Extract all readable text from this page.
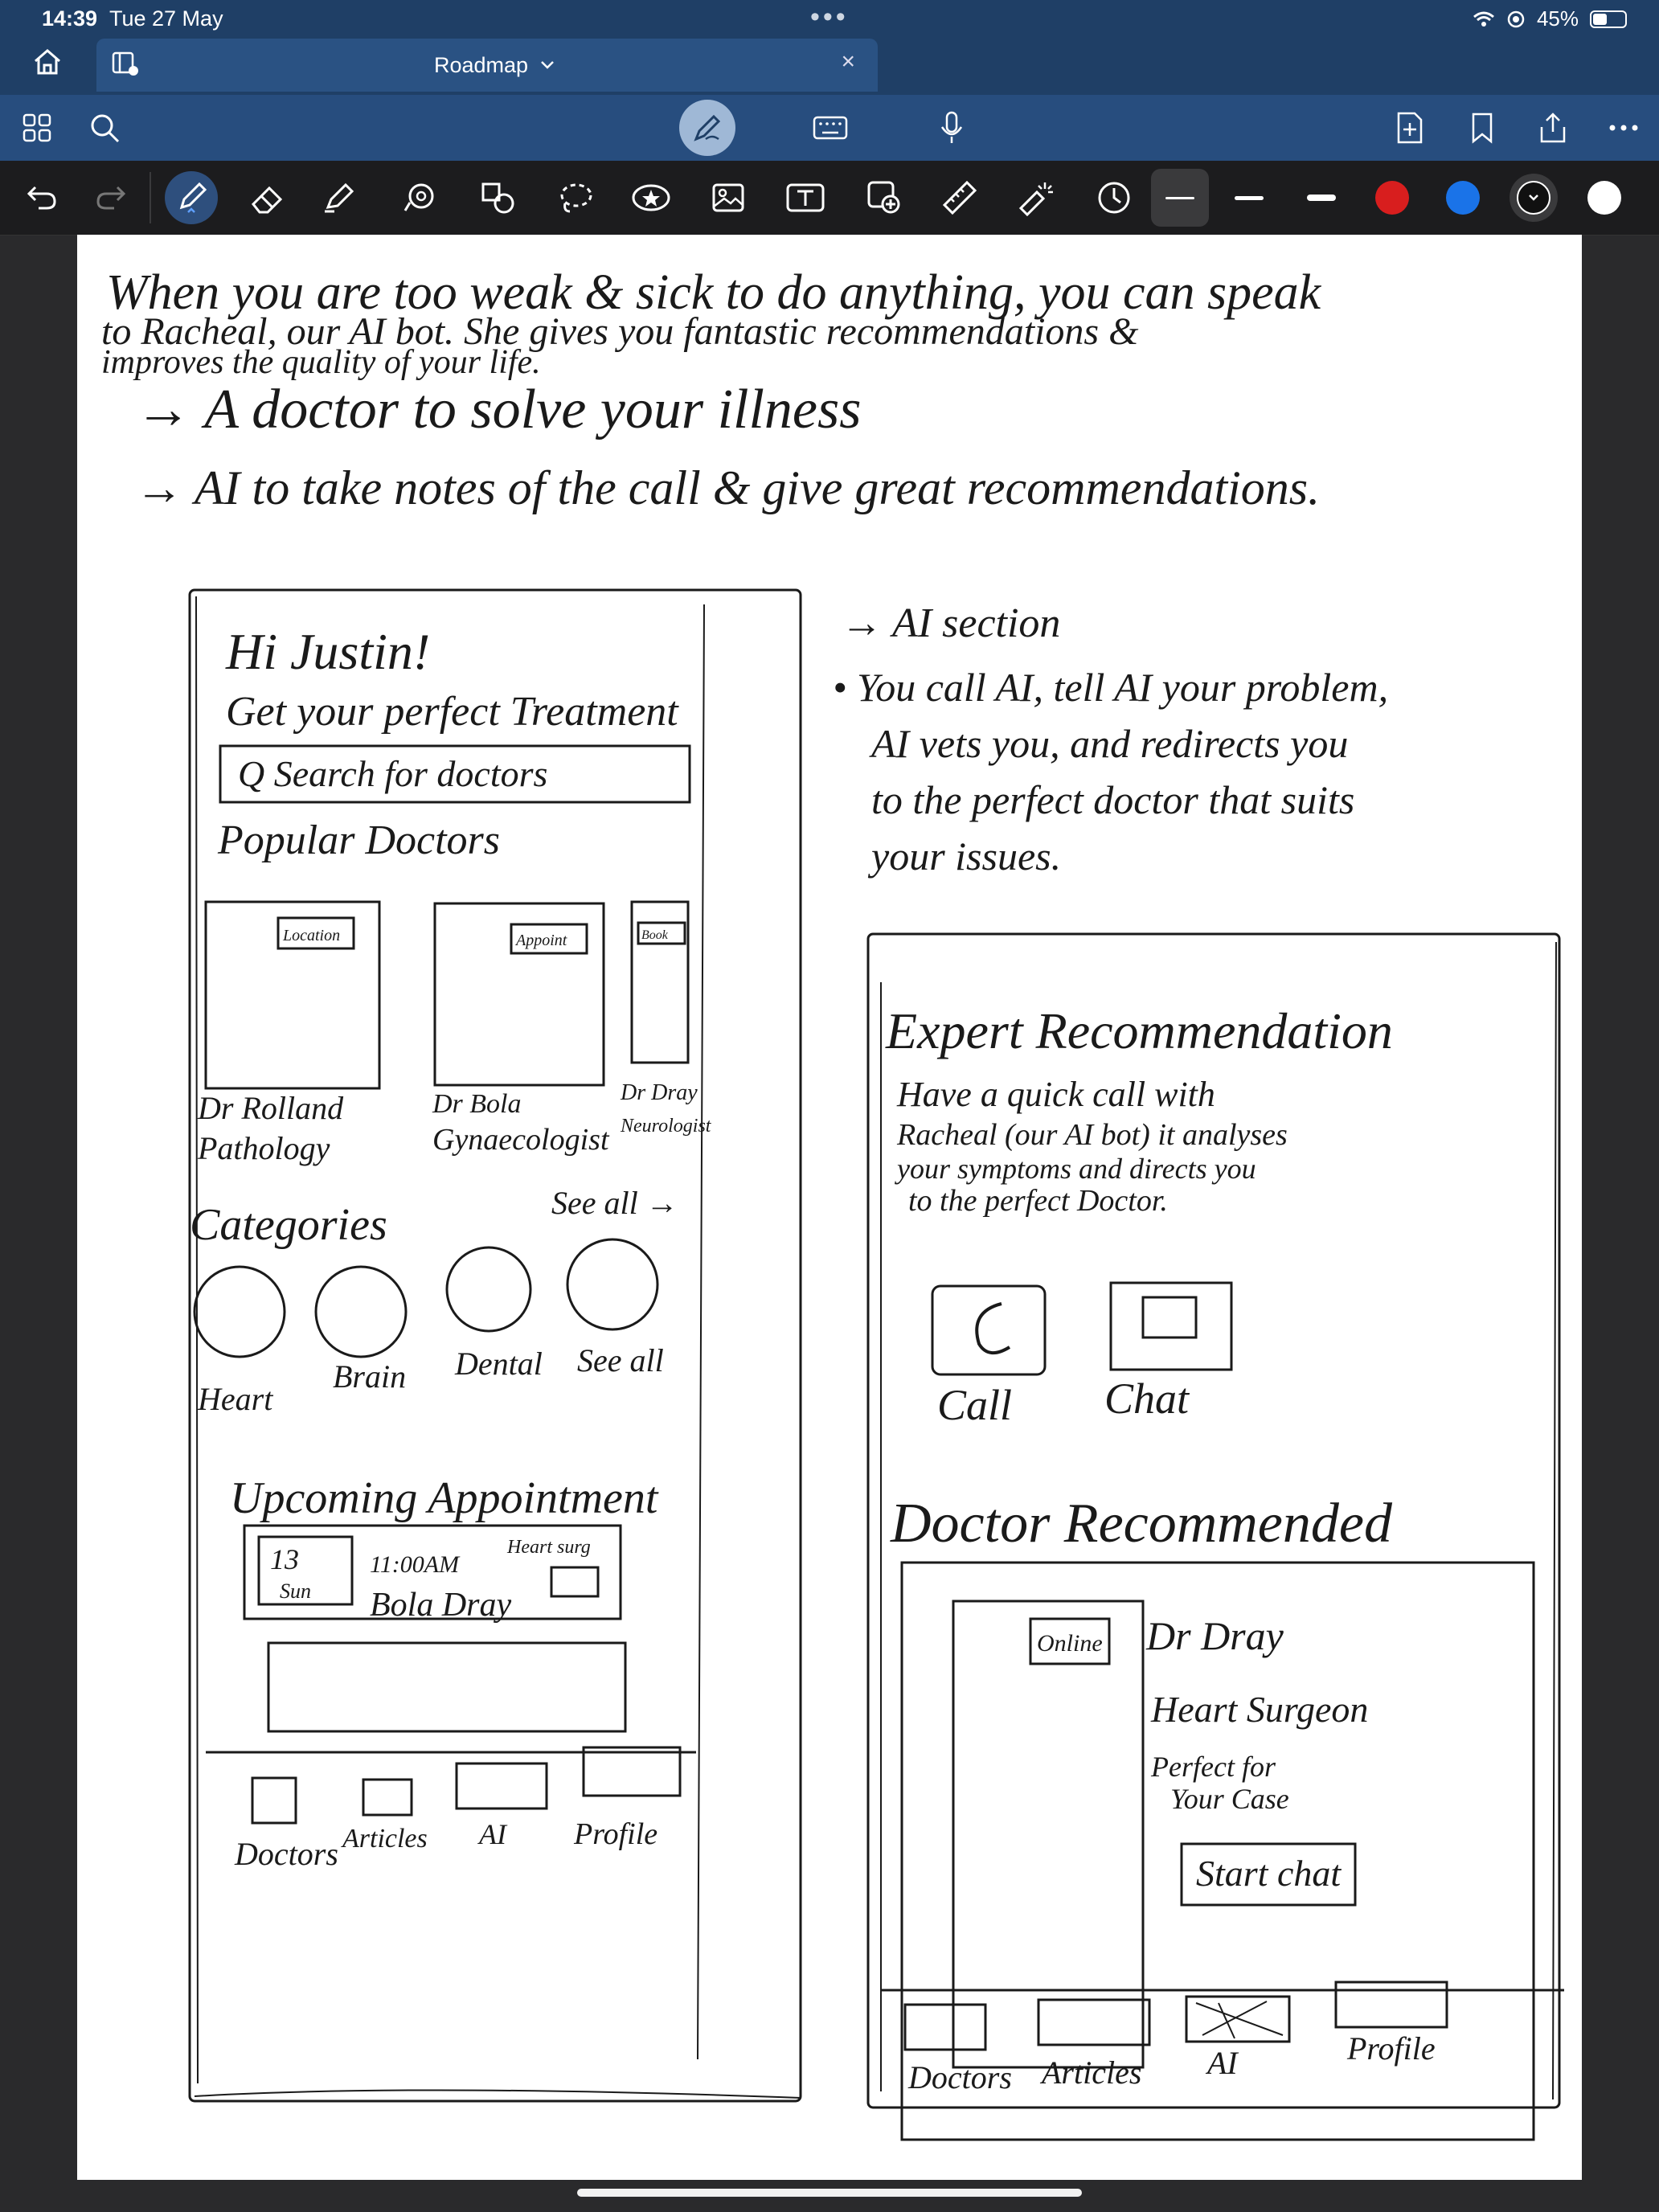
14:39 Tue 27 May	•••	45%
Roadmap	×
When you are too weak & sick to do anything, you can speak
to Racheal, our AI bot. She gives you fantastic recommendations &
improves the quality of your life.
→ A doctor to solve your illness
→ AI to take notes of the call & give great recommendations.
→ AI section
• You call AI, tell AI your problem,
AI vets you, and redirects you
to the perfect doctor that suits
your issues.
Hi Justin!
Get your perfect Treatment
Q Search for doctors
Popular Doctors
Location	Appoint	Book
Dr Rolland
Pathology
Dr Bola
Gynaecologist
Dr Dray
Neurologist
Categories	See all →
Heart
Brain Dental See all
Upcoming Appointment
13
Sun
11:00AM
Bola Dray
Heart surg
Doctors Articles AI Profile
Expert Recommendation
Have a quick call with
Racheal (our AI bot) it analyses
your symptoms and directs you
to the perfect Doctor.
Call Chat
Doctor Recommended
Online Dr Dray
Heart Surgeon
Perfect for
Your Case
Start chat
Doctors Articles AI	Profile
